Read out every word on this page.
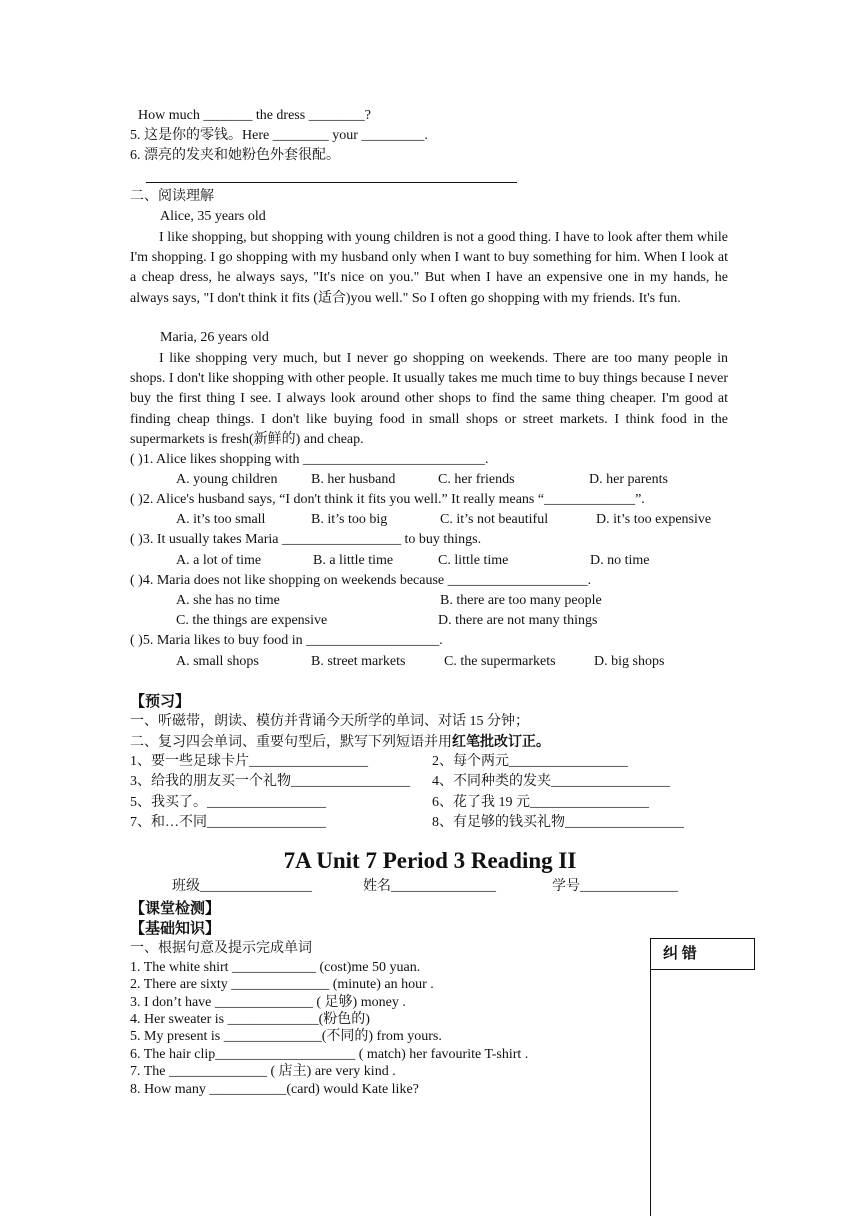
How much _______ the dress ________?
5. 这是你的零钱。Here ________ your _________.
6. 漂亮的发夹和她粉色外套很配。
二、阅读理解
Alice, 35 years old
I like shopping, but shopping with young children is not a good thing. I have to look after them while I'm shopping. I go shopping with my husband only when I want to buy something for him. When I look at a cheap dress, he always says, "It's nice on you." But when I have an expensive one in my hands, he always says, "I don't think it fits (适合)you well." So I often go shopping with my friends. It's fun.
Maria, 26 years old
I like shopping very much, but I never go shopping on weekends. There are too many people in shops. I don't like shopping with other people. It usually takes me much time to buy things because I never buy the first thing I see. I always look around other shops to find the same thing cheaper. I'm good at finding cheap things. I don't like buying food in small shops or street markets. I think food in the supermarkets is fresh(新鲜的) and cheap.
( )1. Alice likes shopping with __________________________.
A. young children B. her husband	C. her friends	D. her parents
( )2. Alice's husband says, “I don't think it fits you well.” It really means “_____________”.
A. it’s too small	B. it’s too big	C. it’s not beautiful	D. it’s too expensive
( )3. It usually takes Maria _________________ to buy things.
A. a lot of time	B. a little time	C. little time	D. no time
( )4. Maria does not like shopping on weekends because ____________________.
A. she has no time	B. there are too many people
C. the things are expensive	D. there are not many things
( )5. Maria likes to buy food in ___________________.
A. small shops	B. street markets	C. the supermarkets	D. big shops
【预习】
一、听磁带，朗读、模仿并背诵今天所学的单词、对话 15 分钟；
二、复习四会单词、重要句型后，默写下列短语并用红笔批改订正。
1、要一些足球卡片_________________	2、每个两元_________________
3、给我的朋友买一个礼物_________________ 4、不同种类的发夹_________________
5、我买了。_________________	6、花了我 19 元_________________
7、和…不同_________________	8、有足够的钱买礼物_________________
7A Unit 7 Period 3 Reading II
班级________________	姓名_______________	学号______________
【课堂检测】
【基础知识】
一、根据句意及提示完成单词
1. The white shirt ____________ (cost)me 50 yuan.
2. There are sixty ______________ (minute) an hour .
3. I don’t have ______________ ( 足够) money .
4. Her sweater is _____________(粉色的)
5. My present is ______________(不同的) from yours.
6. The hair clip____________________ ( match) her favourite T-shirt .
7. The ______________ ( 店主) are very kind .
8. How many ___________(card) would Kate like?
纠 错
